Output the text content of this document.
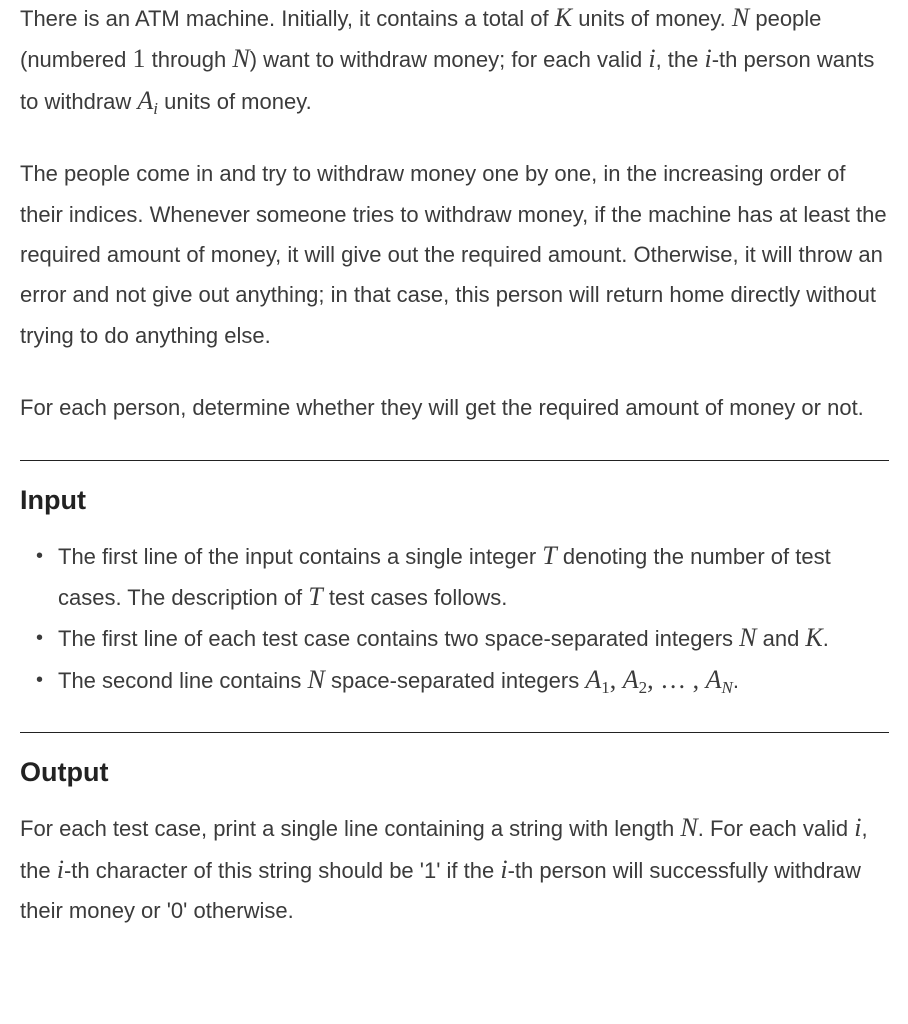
There is an ATM machine. Initially, it contains a total of K units of money. N people (numbered 1 through N) want to withdraw money; for each valid i, the i-th person wants to withdraw $A_i$ units of money.

The people come in and try to withdraw money one by one, in the increasing order of their indices. Whenever someone tries to withdraw money, if the machine has at least the required amount of money, it will give out the required amount. Otherwise, it will throw an error and not give out anything; in that case, this person will return home directly without trying to do anything else.

For each person, determine whether they will get the required amount of money or not.

Input
• The first line of the input contains a single integer T denoting the number of test cases. The description of T test cases follows.
• The first line of each test case contains two space-separated integers N and K.
• The second line contains N space-separated integers $A_1$, $A_2$, … , $A_N$.
Output

For each test case, print a single line containing a string with length N. For each valid i, the i-th character of this string should be '1' if the i-th person will successfully withdraw their money or '0' otherwise.
